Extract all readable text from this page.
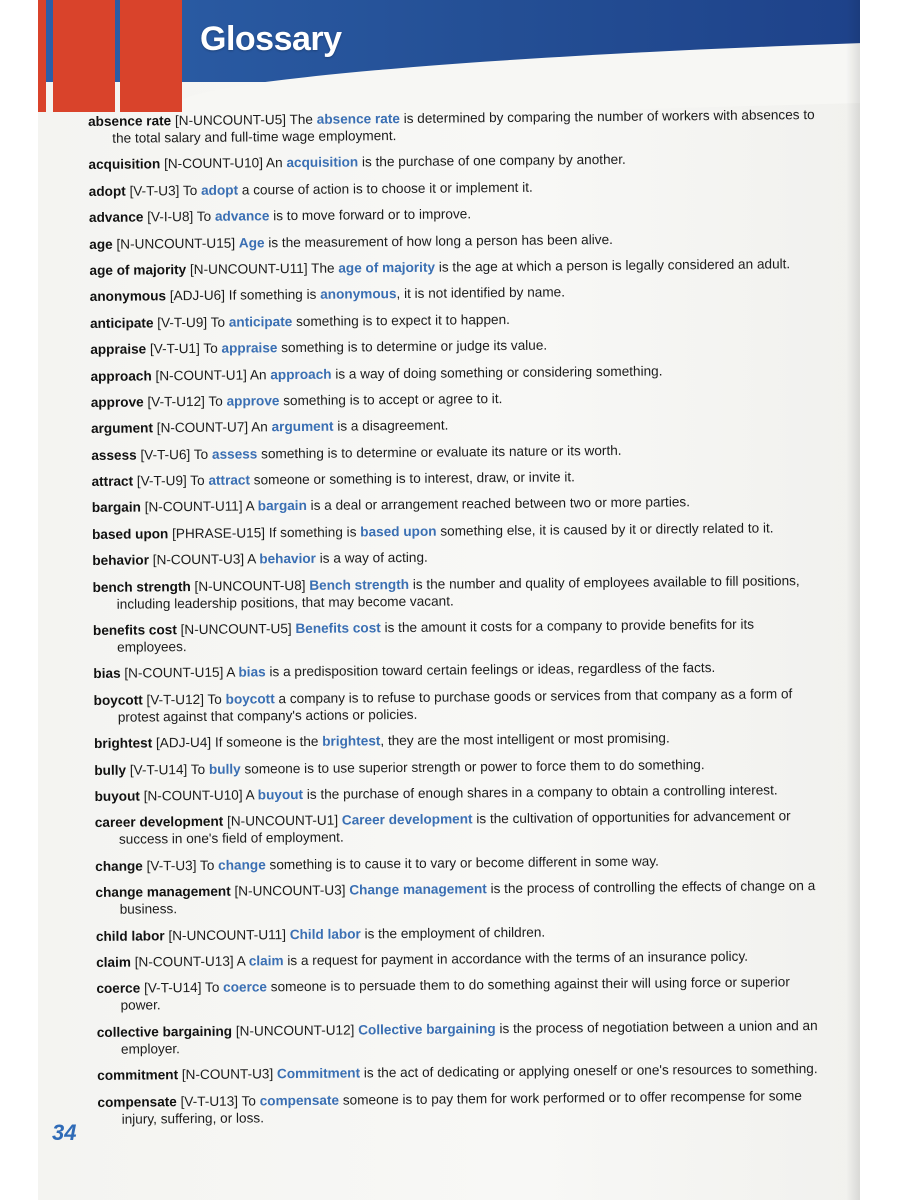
Glossary
absence rate [N-UNCOUNT-U5] The absence rate is determined by comparing the number of workers with absences to the total salary and full-time wage employment.
acquisition [N-COUNT-U10] An acquisition is the purchase of one company by another.
adopt [V-T-U3] To adopt a course of action is to choose it or implement it.
advance [V-I-U8] To advance is to move forward or to improve.
age [N-UNCOUNT-U15] Age is the measurement of how long a person has been alive.
age of majority [N-UNCOUNT-U11] The age of majority is the age at which a person is legally considered an adult.
anonymous [ADJ-U6] If something is anonymous, it is not identified by name.
anticipate [V-T-U9] To anticipate something is to expect it to happen.
appraise [V-T-U1] To appraise something is to determine or judge its value.
approach [N-COUNT-U1] An approach is a way of doing something or considering something.
approve [V-T-U12] To approve something is to accept or agree to it.
argument [N-COUNT-U7] An argument is a disagreement.
assess [V-T-U6] To assess something is to determine or evaluate its nature or its worth.
attract [V-T-U9] To attract someone or something is to interest, draw, or invite it.
bargain [N-COUNT-U11] A bargain is a deal or arrangement reached between two or more parties.
based upon [PHRASE-U15] If something is based upon something else, it is caused by it or directly related to it.
behavior [N-COUNT-U3] A behavior is a way of acting.
bench strength [N-UNCOUNT-U8] Bench strength is the number and quality of employees available to fill positions, including leadership positions, that may become vacant.
benefits cost [N-UNCOUNT-U5] Benefits cost is the amount it costs for a company to provide benefits for its employees.
bias [N-COUNT-U15] A bias is a predisposition toward certain feelings or ideas, regardless of the facts.
boycott [V-T-U12] To boycott a company is to refuse to purchase goods or services from that company as a form of protest against that company's actions or policies.
brightest [ADJ-U4] If someone is the brightest, they are the most intelligent or most promising.
bully [V-T-U14] To bully someone is to use superior strength or power to force them to do something.
buyout [N-COUNT-U10] A buyout is the purchase of enough shares in a company to obtain a controlling interest.
career development [N-UNCOUNT-U1] Career development is the cultivation of opportunities for advancement or success in one's field of employment.
change [V-T-U3] To change something is to cause it to vary or become different in some way.
change management [N-UNCOUNT-U3] Change management is the process of controlling the effects of change on a business.
child labor [N-UNCOUNT-U11] Child labor is the employment of children.
claim [N-COUNT-U13] A claim is a request for payment in accordance with the terms of an insurance policy.
coerce [V-T-U14] To coerce someone is to persuade them to do something against their will using force or superior power.
collective bargaining [N-UNCOUNT-U12] Collective bargaining is the process of negotiation between a union and an employer.
commitment [N-COUNT-U3] Commitment is the act of dedicating or applying oneself or one's resources to something.
compensate [V-T-U13] To compensate someone is to pay them for work performed or to offer recompense for some injury, suffering, or loss.
34
